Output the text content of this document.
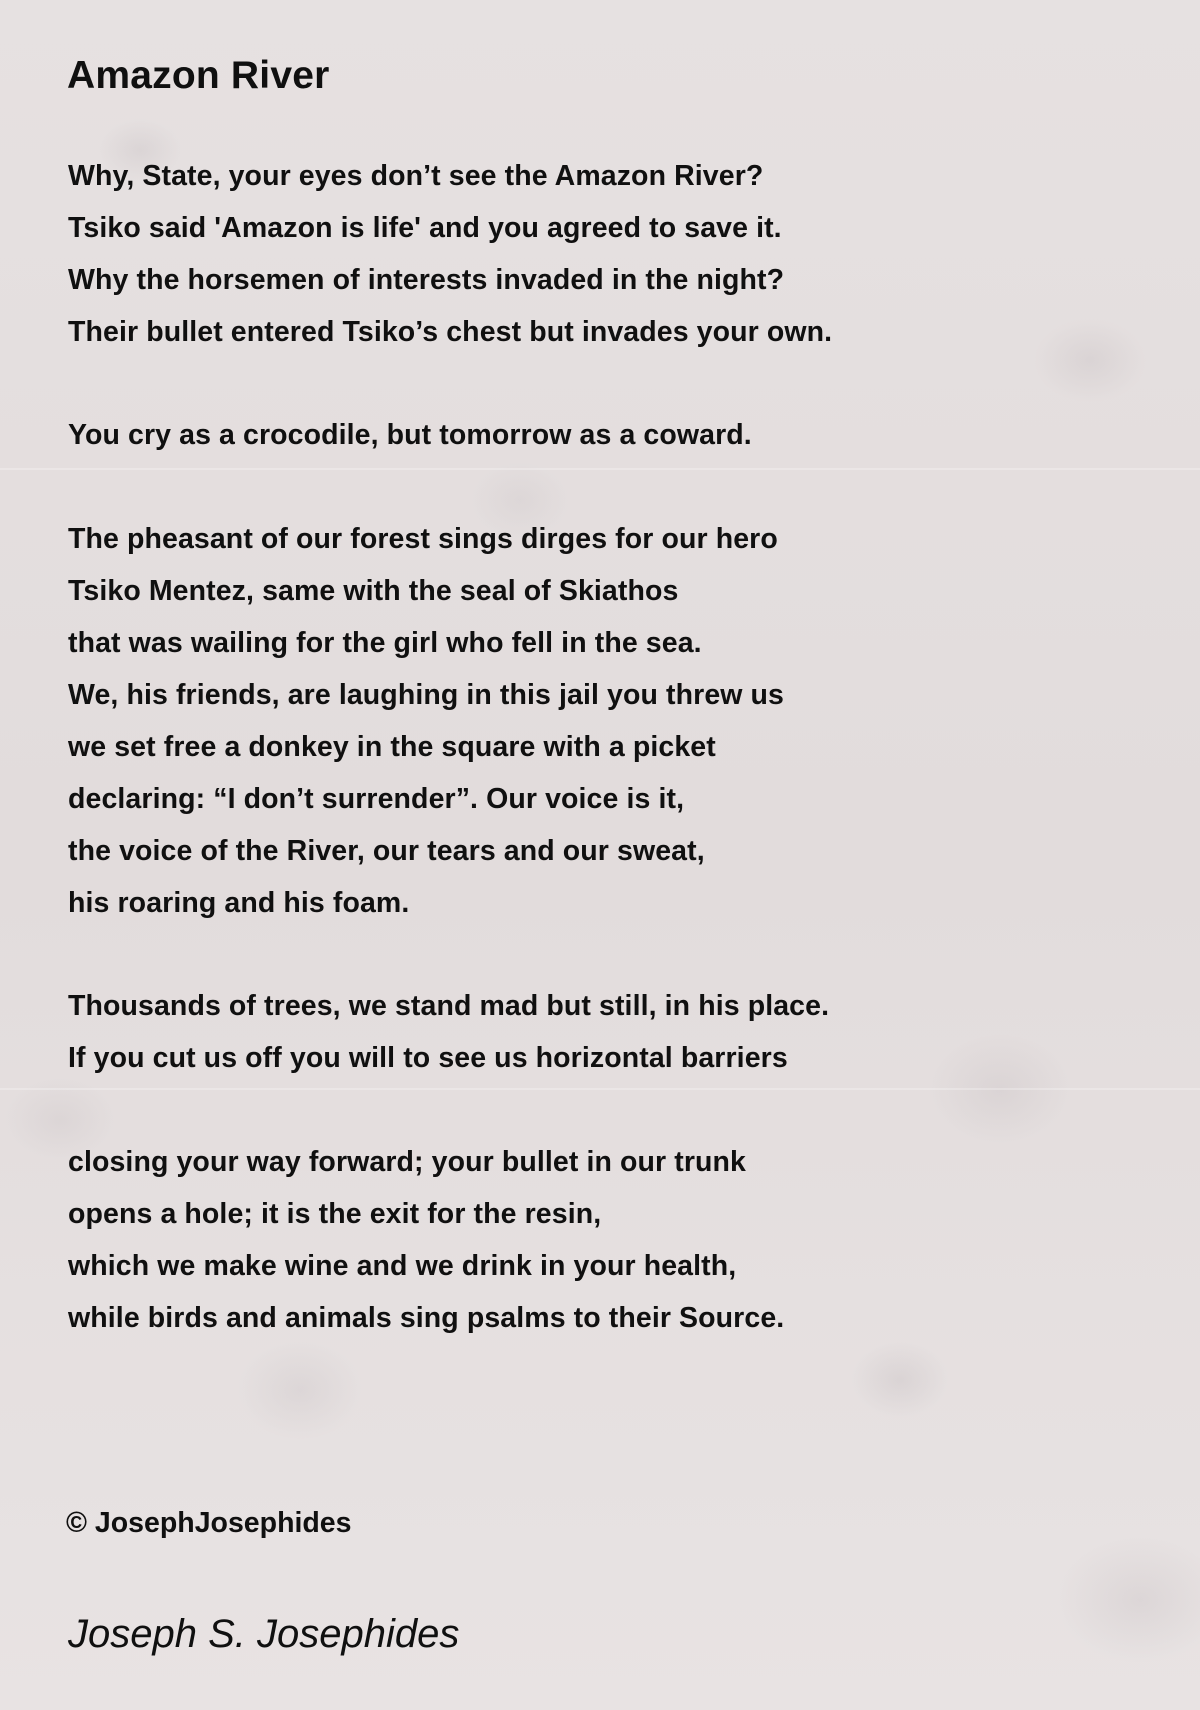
Amazon River
Why, State, your eyes don’t see the Amazon River?
Tsiko said 'Amazon is life' and you agreed to save it.
Why the horsemen of interests invaded in the night?
Their bullet entered Tsiko’s chest but invades your own.
You cry as a crocodile, but tomorrow as a coward.
The pheasant of our forest sings dirges for our hero
Tsiko Mentez, same with the seal of Skiathos
that was wailing for the girl who fell in the sea.
We, his friends, are laughing in this jail you threw us
we set free a donkey in the square with a picket
declaring: “I don’t surrender”. Our voice is it,
the voice of the River, our tears and our sweat,
his roaring and his foam.
Thousands of trees, we stand mad but still, in his place.
If you cut us off you will to see us horizontal barriers
closing your way forward; your bullet in our trunk
opens a hole; it is the exit for the resin,
which we make wine and we drink in your health,
while birds and animals sing psalms to their Source.
© JosephJosephides
Joseph S. Josephides
